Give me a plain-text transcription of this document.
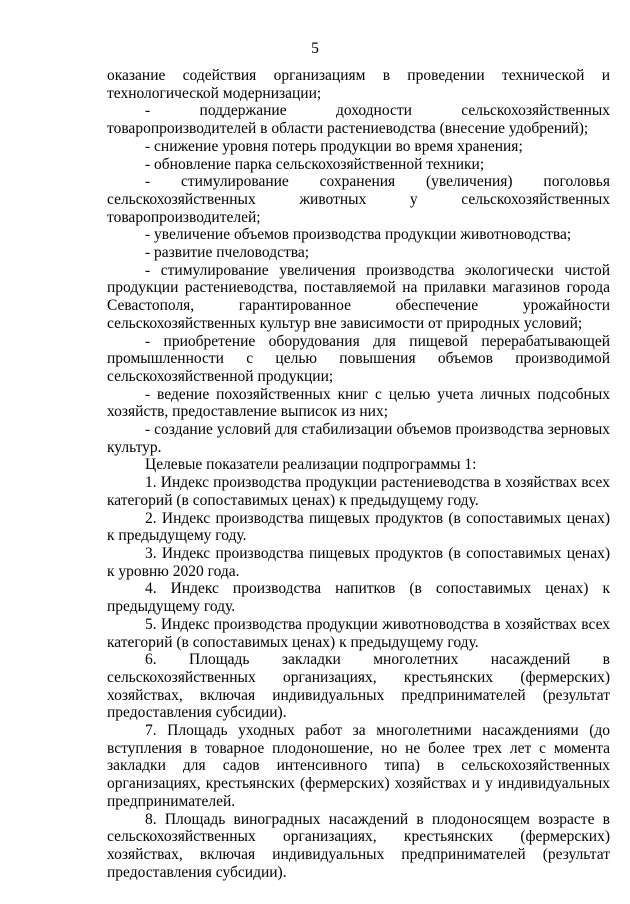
5

оказание содействия организациям в проведении технической и технологической модернизации;

- поддержание доходности сельскохозяйственных товаропроизводителей в области растениеводства (внесение удобрений);

- снижение уровня потерь продукции во время хранения;

- обновление парка сельскохозяйственной техники;

- стимулирование сохранения (увеличения) поголовья сельскохозяйственных животных у сельскохозяйственных товаропроизводителей;

- увеличение объемов производства продукции животноводства;

- развитие пчеловодства;

- стимулирование увеличения производства экологически чистой продукции растениеводства, поставляемой на прилавки магазинов города Севастополя, гарантированное обеспечение урожайности сельскохозяйственных культур вне зависимости от природных условий;

- приобретение оборудования для пищевой перерабатывающей промышленности с целью повышения объемов производимой сельскохозяйственной продукции;

- ведение похозяйственных книг с целью учета личных подсобных хозяйств, предоставление выписок из них;

- создание условий для стабилизации объемов производства зерновых культур.

Целевые показатели реализации подпрограммы 1:

1. Индекс производства продукции растениеводства в хозяйствах всех категорий (в сопоставимых ценах) к предыдущему году.

2. Индекс производства пищевых продуктов (в сопоставимых ценах) к предыдущему году.

3. Индекс производства пищевых продуктов (в сопоставимых ценах) к уровню 2020 года.

4. Индекс производства напитков (в сопоставимых ценах) к предыдущему году.

5. Индекс производства продукции животноводства в хозяйствах всех категорий (в сопоставимых ценах) к предыдущему году.

6. Площадь закладки многолетних насаждений в сельскохозяйственных организациях, крестьянских (фермерских) хозяйствах, включая индивидуальных предпринимателей (результат предоставления субсидии).

7. Площадь уходных работ за многолетними насаждениями (до вступления в товарное плодоношение, но не более трех лет с момента закладки для садов интенсивного типа) в сельскохозяйственных организациях, крестьянских (фермерских) хозяйствах и у индивидуальных предпринимателей.

8. Площадь виноградных насаждений в плодоносящем возрасте в сельскохозяйственных организациях, крестьянских (фермерских) хозяйствах, включая индивидуальных предпринимателей (результат предоставления субсидии).
